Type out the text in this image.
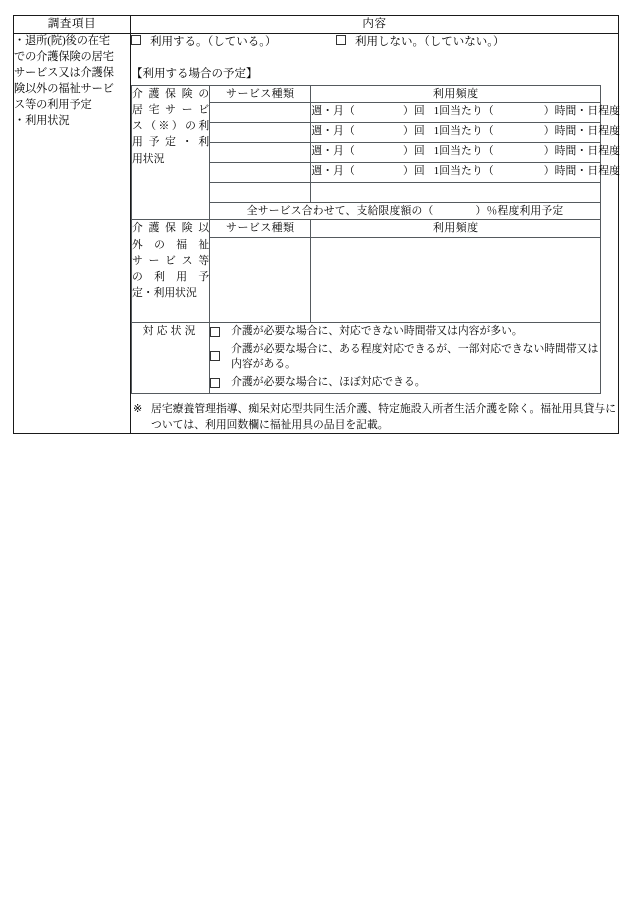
調査項目	内容

・退所(院)後の在宅
での介護保険の居宅
サービス又は介護保
険以外の福祉サービ
ス等の利用予定
・利用状況

利用する。（している。）	利用しない。（していない。）
【利用する場合の予定】
介護保険の
居宅サービ
ス（※）の利
用予定・利
用状況
	サービス種類	利用頻度
	週・月（	）回 1回当たり（	）時間・日程度
	週・月（	）回 1回当たり（	）時間・日程度
	週・月（	）回 1回当たり（	）時間・日程度
	週・月（	）回 1回当たり（	）時間・日程度

全サービス合わせて、支給限度額の（	）％程度利用予定

介護保険以
外の福祉
サービス等
の利用予
定・利用状況
	サービス種類	利用頻度

対応状況	介護が必要な場合に、対応できない時間帯又は内容が多い。
介護が必要な場合に、ある程度対応できるが、一部対応できない時間帯又は内容がある。
介護が必要な場合に、ほぼ対応できる。
※ 居宅療養管理指導、痴呆対応型共同生活介護、特定施設入所者生活介護を除く。福祉用具貸与については、利用回数欄に福祉用具の品目を記載。
